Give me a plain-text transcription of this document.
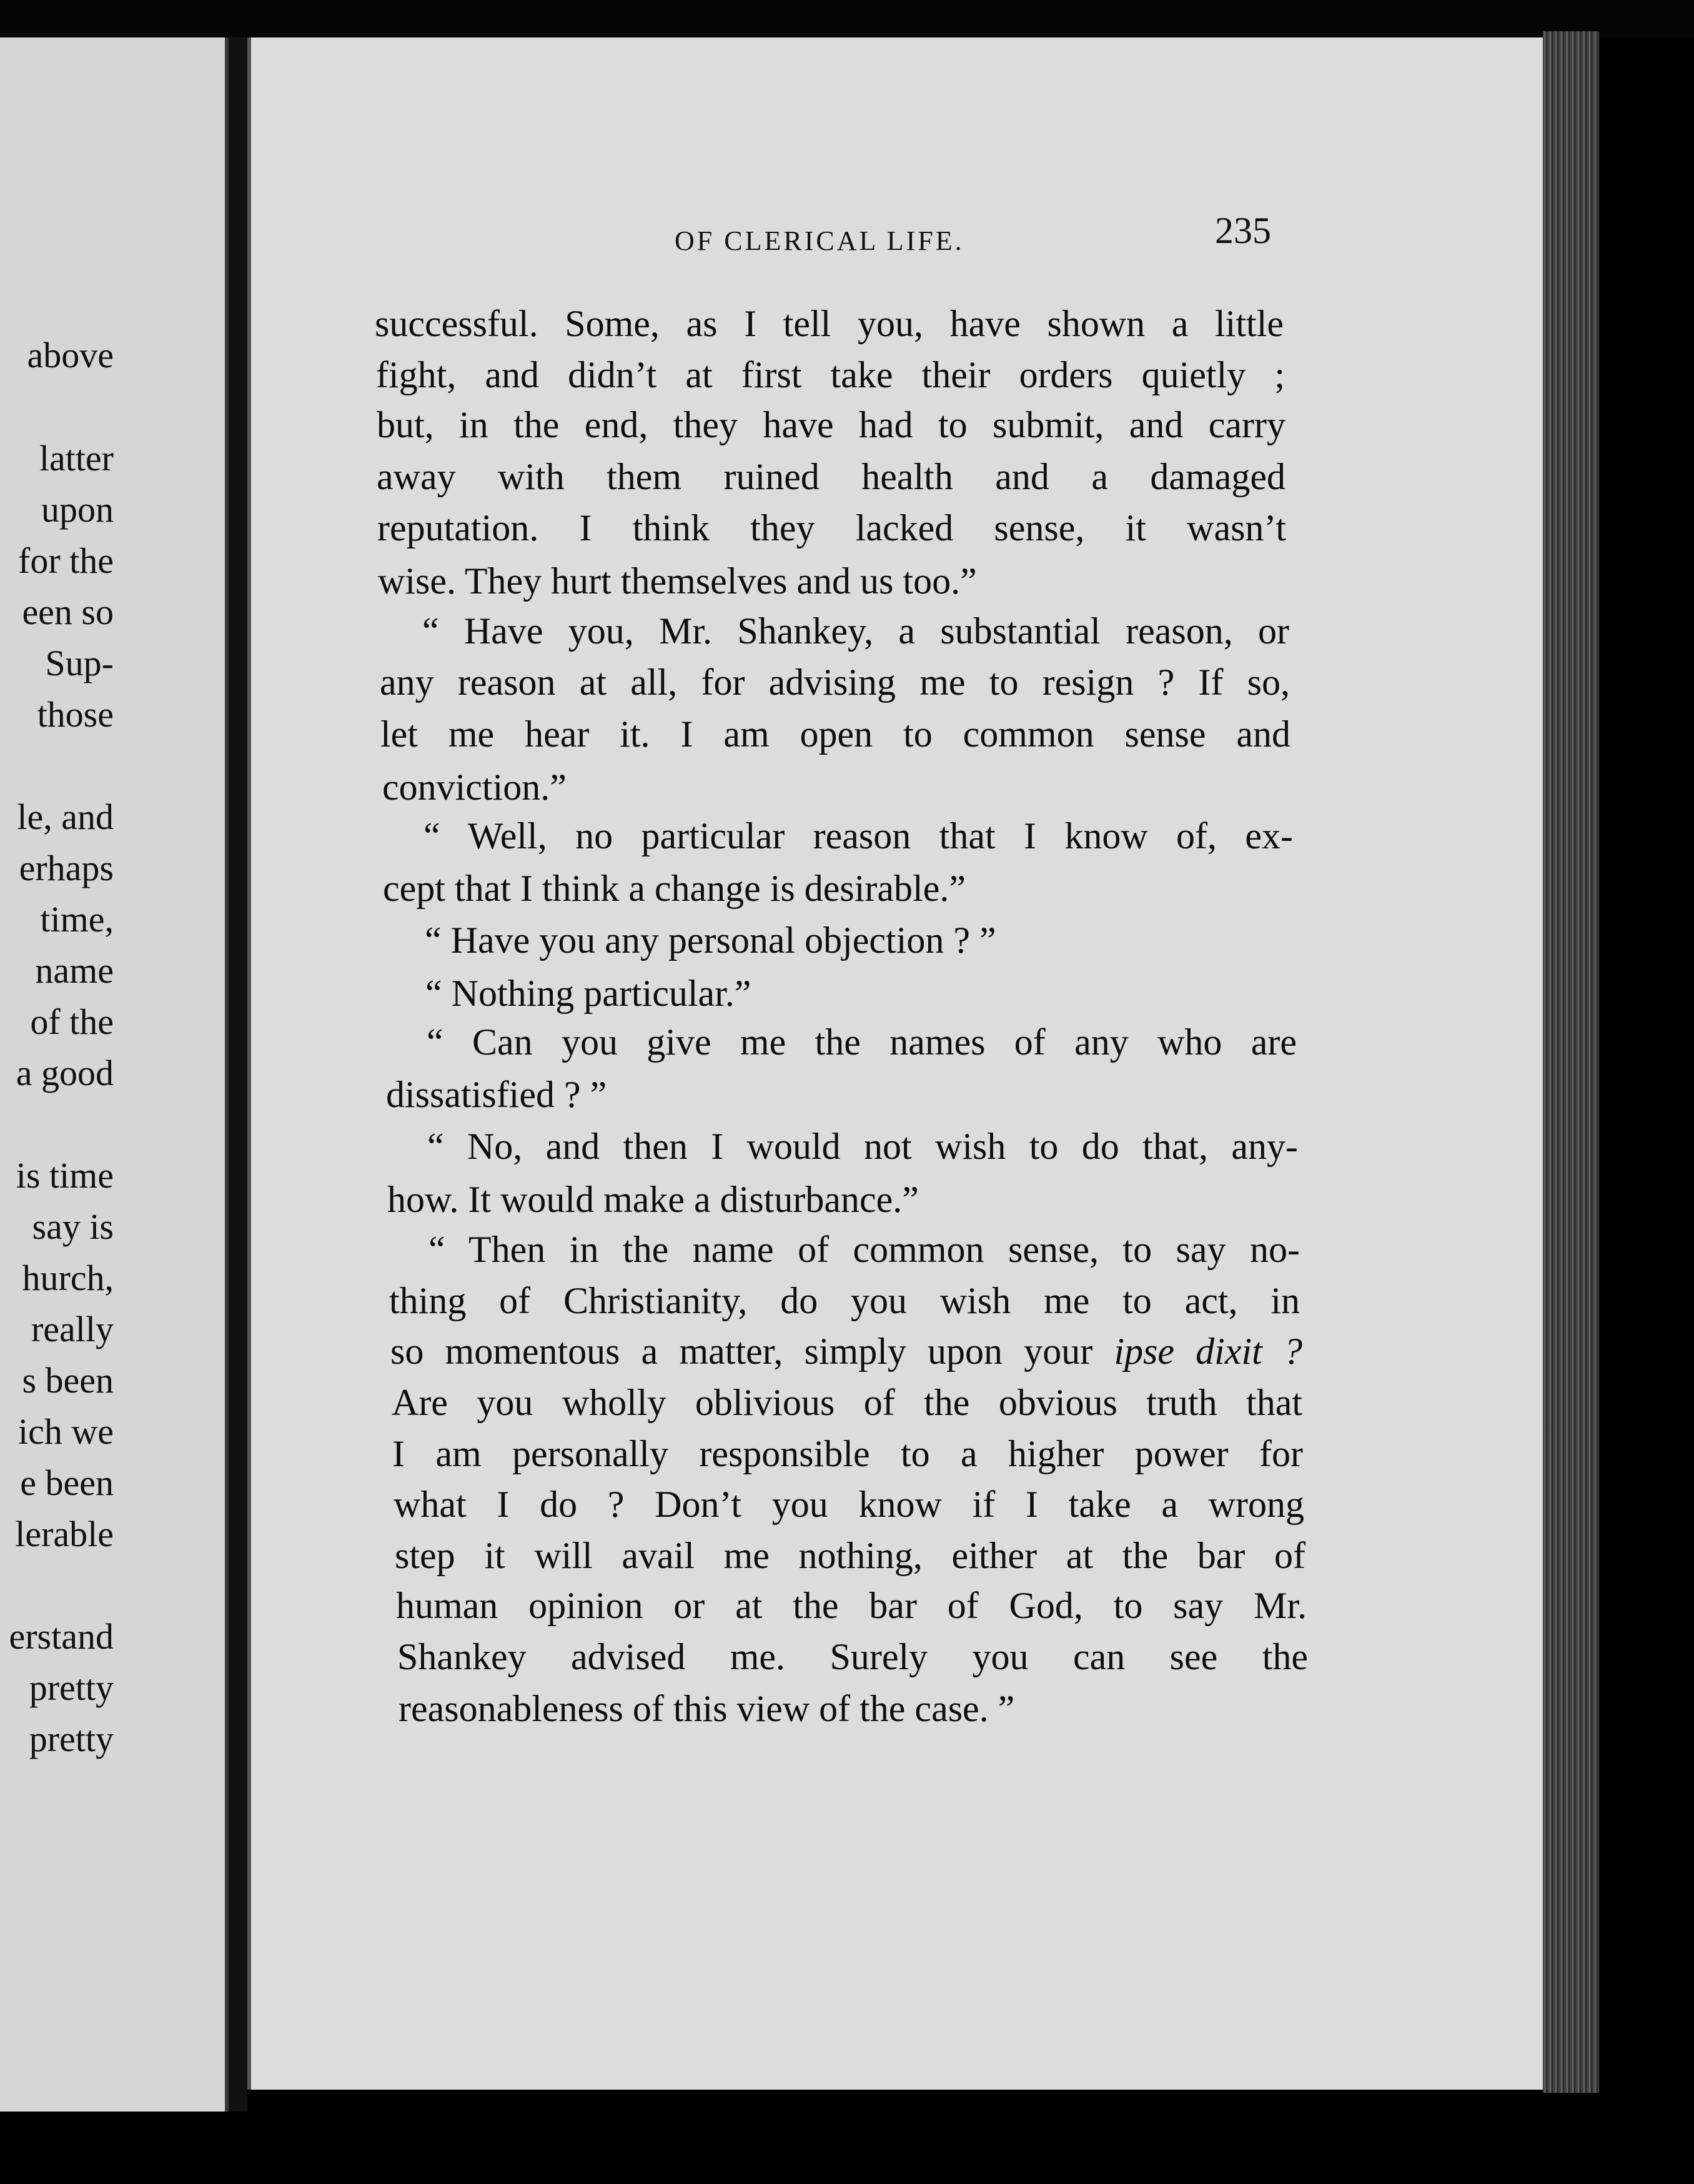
above
latter
upon
for the
een so
Sup-
those
le, and
erhaps
time,
name
of the
a good
is time
say is
hurch,
really
s been
ich we
e been
lerable
erstand
pretty
pretty
OF CLERICAL LIFE.	235
successful. Some, as I tell you, have shown a little
fight, and didn’t at first take their orders quietly ;
but, in the end, they have had to submit, and carry
away with them ruined health and a damaged
reputation. I think they lacked sense, it wasn’t
wise. They hurt themselves and us too.”
“ Have you, Mr. Shankey, a substantial reason, or
any reason at all, for advising me to resign ? If so,
let me hear it. I am open to common sense and
conviction.”
“ Well, no particular reason that I know of, ex-
cept that I think a change is desirable.”
“ Have you any personal objection ? ”
“ Nothing particular.”
“ Can you give me the names of any who are
dissatisfied ? ”
“ No, and then I would not wish to do that, any-
how. It would make a disturbance.”
“ Then in the name of common sense, to say no-
thing of Christianity, do you wish me to act, in
so momentous a matter, simply upon your ipse dixit ?
Are you wholly oblivious of the obvious truth that
I am personally responsible to a higher power for
what I do ? Don’t you know if I take a wrong
step it will avail me nothing, either at the bar of
human opinion or at the bar of God, to say Mr.
Shankey advised me. Surely you can see the
reasonableness of this view of the case. ”
